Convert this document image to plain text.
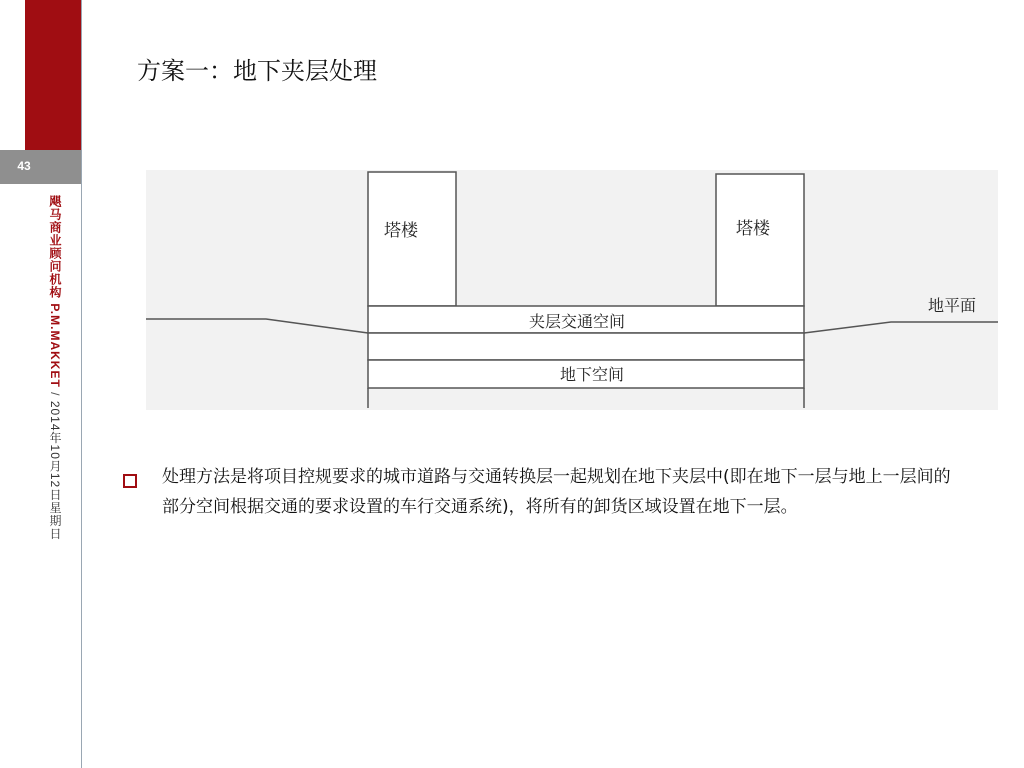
43
飓马商业顾问机构 P.M.MAKKET / 2014年10月12日星期日
方案一：地下夹层处理
塔楼	塔楼
地平面
夹层交通空间
地下空间
处理方法是将项目控规要求的城市道路与交通转换层一起规划在地下夹层中(即在地下一层与地上一层间的部分空间根据交通的要求设置的车行交通系统)，将所有的卸货区域设置在地下一层。
